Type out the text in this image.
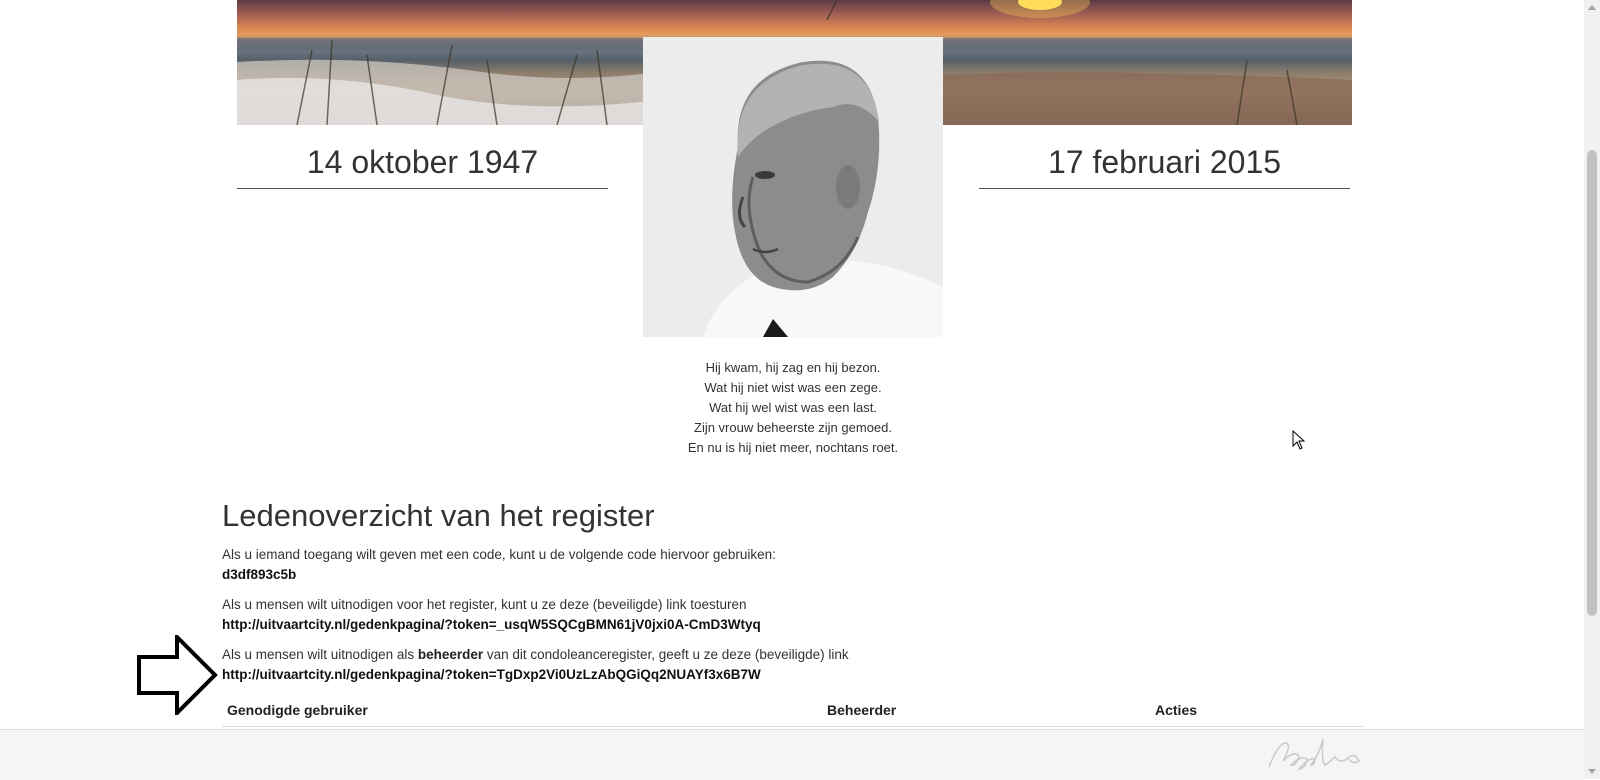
14 oktober 1947	17 februari 2015
Hij kwam, hij zag en hij bezon.
Wat hij niet wist was een zege.
Wat hij wel wist was een last.
Zijn vrouw beheerste zijn gemoed.
En nu is hij niet meer, nochtans roet.
Ledenoverzicht van het register
Als u iemand toegang wilt geven met een code, kunt u de volgende code hiervoor gebruiken:
d3df893c5b
Als u mensen wilt uitnodigen voor het register, kunt u ze deze (beveiligde) link toesturen
http://uitvaartcity.nl/gedenkpagina/?token=_usqW5SQCgBMN61jV0jxi0A-CmD3Wtyq
Als u mensen wilt uitnodigen als beheerder van dit condoleanceregister, geeft u ze deze (beveiligde) link
http://uitvaartcity.nl/gedenkpagina/?token=TgDxp2Vi0UzLzAbQGiQq2NUAYf3x6B7W
Genodigde gebruiker	Beheerder	Acties
